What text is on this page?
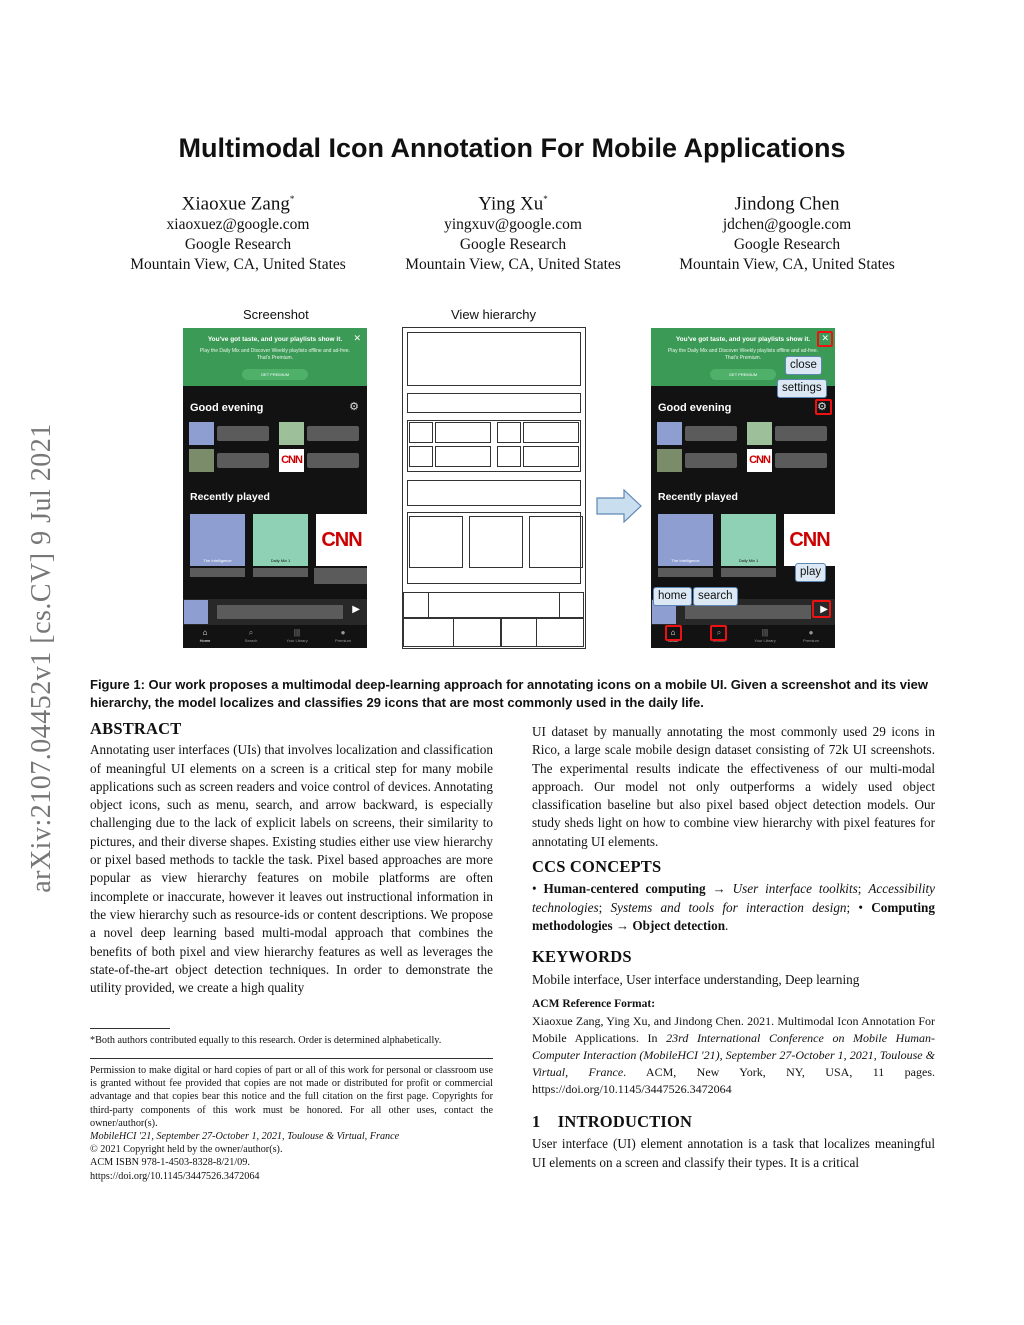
arXiv:2107.04452v1 [cs.CV] 9 Jul 2021
Multimodal Icon Annotation For Mobile Applications
Xiaoxue Zang*
xiaoxuez@google.com
Google Research
Mountain View, CA, United States
Ying Xu*
yingxuv@google.com
Google Research
Mountain View, CA, United States
Jindong Chen
jdchen@google.com
Google Research
Mountain View, CA, United States
Screenshot	View hierarchy
You've got taste, and your playlists show it.
Play the Daily Mix and Discover Weekly playlists offline and ad-free. That's Premium.
GET PREMIUM
✕
Good evening	⚙
CNN
Recently played
The Intelligence	Daily Mix 1
CNN
▶
⌂
Home
⌕
Search
|||
Your Library
●
Premium
You've got taste, and your playlists show it.
Play the Daily Mix and Discover Weekly playlists offline and ad-free. That's Premium.
GET PREMIUM
✕
Good evening	⚙
CNN
Recently played
The Intelligence	Daily Mix 1
CNN
▶
⌂
Home
⌕
Search
|||
Your Library
●
Premium
close
settings
play
home search
Figure 1: Our work proposes a multimodal deep-learning approach for annotating icons on a mobile UI. Given a screenshot and its view hierarchy, the model localizes and classifies 29 icons that are most commonly used in the daily life.
ABSTRACT

Annotating user interfaces (UIs) that involves localization and classification of meaningful UI elements on a screen is a critical step for many mobile applications such as screen readers and voice control of devices. Annotating object icons, such as menu, search, and arrow backward, is especially challenging due to the lack of explicit labels on screens, their similarity to pictures, and their diverse shapes. Existing studies either use view hierarchy or pixel based methods to tackle the task. Pixel based approaches are more popular as view hierarchy features on mobile platforms are often incomplete or inaccurate, however it leaves out instructional information in the view hierarchy such as resource-ids or content descriptions. We propose a novel deep learning based multi-modal approach that combines the benefits of both pixel and view hierarchy features as well as leverages the state-of-the-art object detection techniques. In order to demonstrate the utility provided, we create a high quality

*Both authors contributed equally to this research. Order is determined alphabetically.

Permission to make digital or hard copies of part or all of this work for personal or classroom use is granted without fee provided that copies are not made or distributed for profit or commercial advantage and that copies bear this notice and the full citation on the first page. Copyrights for third-party components of this work must be honored. For all other uses, contact the owner/author(s).

MobileHCI '21, September 27-October 1, 2021, Toulouse & Virtual, France
© 2021 Copyright held by the owner/author(s).
ACM ISBN 978-1-4503-8328-8/21/09.
https://doi.org/10.1145/3447526.3472064

UI dataset by manually annotating the most commonly used 29 icons in Rico, a large scale mobile design dataset consisting of 72k UI screenshots. The experimental results indicate the effectiveness of our multi-modal approach. Our model not only outperforms a widely used object classification baseline but also pixel based object detection models. Our study sheds light on how to combine view hierarchy with pixel features for annotating UI elements.

CCS CONCEPTS

• Human-centered computing → User interface toolkits; Accessibility technologies; Systems and tools for interaction design; • Computing methodologies → Object detection.

KEYWORDS

Mobile interface, User interface understanding, Deep learning

ACM Reference Format:

Xiaoxue Zang, Ying Xu, and Jindong Chen. 2021. Multimodal Icon Annotation For Mobile Applications. In 23rd International Conference on Mobile Human-Computer Interaction (MobileHCI '21), September 27-October 1, 2021, Toulouse & Virtual, France. ACM, New York, NY, USA, 11 pages. https://doi.org/10.1145/3447526.3472064

1    INTRODUCTION

User interface (UI) element annotation is a task that localizes meaningful UI elements on a screen and classify their types. It is a critical
